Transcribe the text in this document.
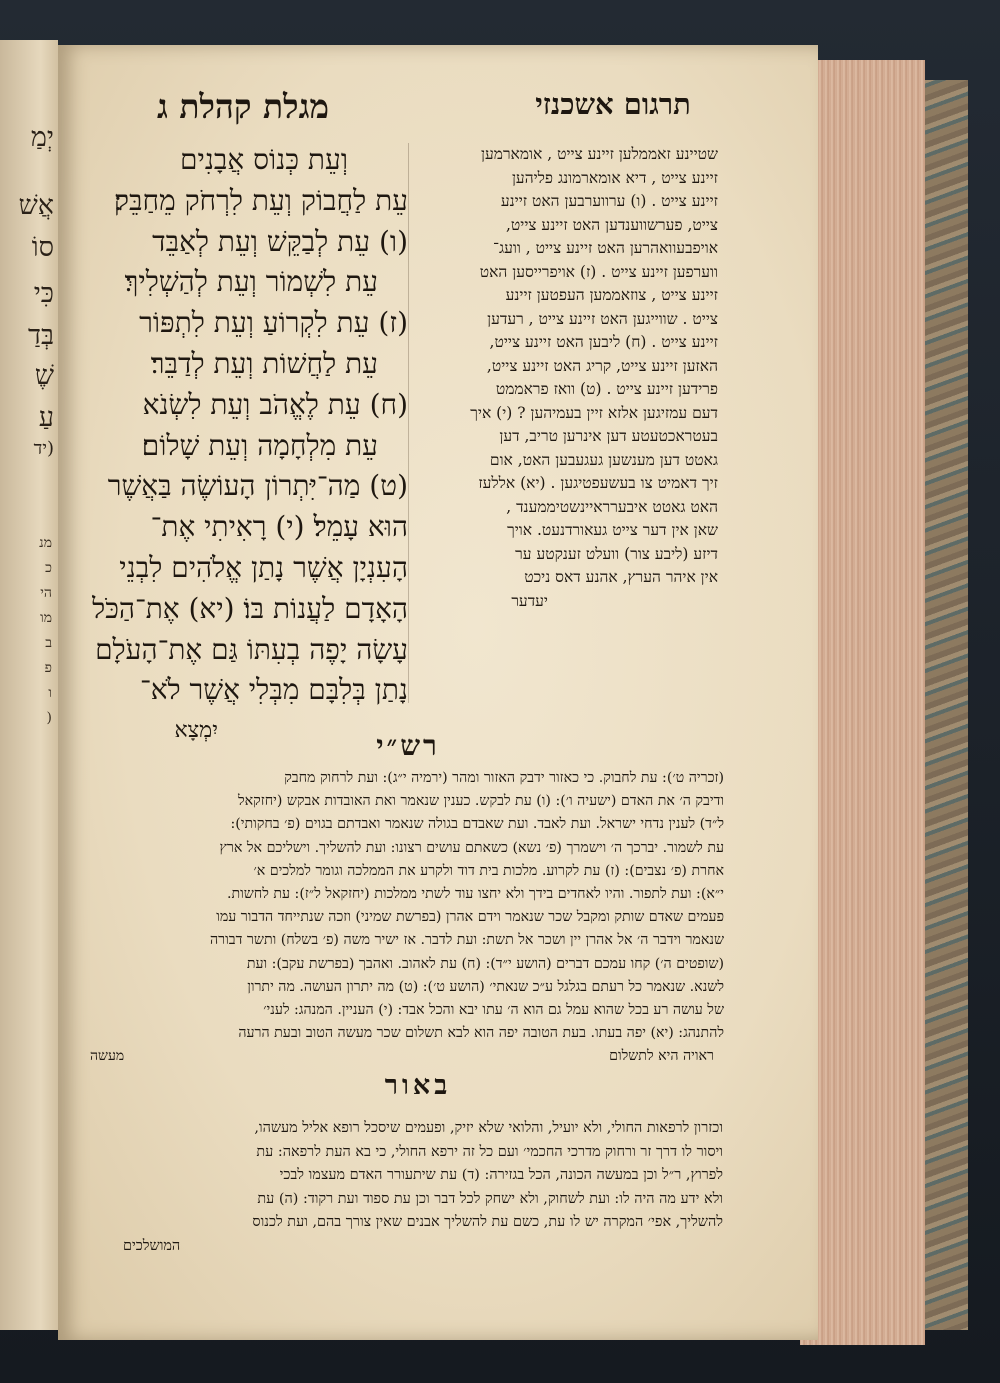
יְמַ
אֲשׁ
סוֹ
כִּי
בְּדַ
שֶׁ
עַ
(יד
מנ
כ
הי
מו
ב
פ
ו
(
תרגום אשכנזי
מגלת קהלת ג
וְעֵת כְּנוֹס אֲבָנִים
עֵת לַחֲבוֹק וְעֵת לִרְחֹק מֵחַבֵּק׃
(ו) עֵת לְבַקֵּשׁ וְעֵת לְאַבֵּד
עֵת לִשְׁמוֹר וְעֵת לְהַשְׁלִיךְ׃
(ז) עֵת לִקְרוֹעַ וְעֵת לִתְפּוֹר
עֵת לַחֲשׁוֹת וְעֵת לְדַבֵּר׃
(ח) עֵת לֶאֱהֹב וְעֵת לִשְׂנֹא
עֵת מִלְחָמָה וְעֵת שָׁלוֹם׃
(ט) מַה־יִּתְרוֹן הָעוֹשֶׂה בַּאֲשֶׁר
הוּא עָמֵל׃ (י) רָאִיתִי אֶת־
הָעִנְיָן אֲשֶׁר נָתַן אֱלֹהִים לִבְנֵי
הָאָדָם לַעֲנוֹת בּוֹ׃ (יא) אֶת־הַכֹּל
עָשָׂה יָפֶה בְעִתּוֹ גַּם אֶת־הָעֹלָם
נָתַן בְּלִבָּם מִבְּלִי אֲשֶׁר לֹא־
יִמְצָא
שטיינע זאממלען זיינע צייט , אומארמען
זיינע צייט , דיא אומארמונג פליהען
זיינע צייט . (ו) ערווערבען האט זיינע
צייט, פערשווענדען האט זיינע צייט,
אויפבעוואהרען האט זיינע צייט , וועג־
ווערפען זיינע צייט . (ז) אויפרייסען האט
זיינע צייט , צוזאממען העפטען זיינע
צייט . שווייגען האט זיינע צייט , רעדען
זיינע צייט . (ח) ליבען האט זיינע צייט,
האזען זיינע צייט, קריג האט זיינע צייט,
פרידען זיינע צייט . (ט) וואז פראממט
דעם עמזיגען אלזא זיין בעמיהען ? (י) איך
בעטראכטעטע דען אינרען טריב, דען
גאטט דען מענשען געגעבען האט, אום
זיך דאמיט צו בעשעפטיגען . (יא) אללעז
האט גאטט איבערראיינשטיממענד ,
שאן אין דער צייט געאורדנעט. אויך
דיזע (ליבע צור) וועלט זענקטע ער
אין איהר הערץ, אהנע דאס ניכט
יעדער
רש״י
(זכריה ט׳): עת לחבוק. כי כאזור ידבק האזור ומהר (ירמיה י״ג): ועת לרחוק מחבק
ודיבק ה׳ את האדם (ישעיה ו׳): (ו) עת לבקש. כענין שנאמר ואת האובדות אבקש (יחזקאל
ל״ד) לענין נדחי ישראל. ועת לאבד. ועת שאבדם בגולה שנאמר ואבדתם בגוים (פ׳ בחקותי):
עת לשמור. יברכך ה׳ וישמרך (פ׳ נשא) כשאתם עושים רצונו: ועת להשליך. וישליכם אל ארץ
אחרת (פ׳ נצבים): (ז) עת לקרוע. מלכות בית דוד ולקרע את הממלכה וגומר למלכים א׳
י״א): ועת לתפור. והיו לאחדים בידך ולא יחצו עוד לשתי ממלכות (יחזקאל ל״ז): עת לחשות.
פעמים שאדם שותק ומקבל שכר שנאמר וידם אהרן (בפרשת שמיני) וזכה שנתייחד הדבור עמו
שנאמר וידבר ה׳ אל אהרן יין ושכר אל תשת: ועת לדבר. אז ישיר משה (פ׳ בשלח) ותשר דבורה
(שופטים ה׳) קחו עמכם דברים (הושע י״ד): (ח) עת לאהוב. ואהבך (בפרשת עקב): ועת
לשנא. שנאמר כל רעתם בגלגל ע״כ שנאתי׳ (הושע ט׳): (ט) מה יתרון העושה. מה יתרון
של עושה רע בכל שהוא עמל גם הוא ה׳ עתו יבא והכל אבד: (י) העניין. המנהג: לעני׳
להתנהג: (יא) יפה בעתו. בעת הטובה יפה הוא לבא תשלום שכר מעשה הטוב ובעת הרעה
ראויה היא לתשלום
מעשה
באור
וכזרון לרפאות החולי, ולא יועיל, והלואי שלא יזיק, ופעמים שיסכל רופא אליל מעשהו,
ויסור לו דרך זר ורחוק מדרכי החכמי׳ ועם כל זה ירפא החולי, כי בא העת לרפאה: עת
לפרוץ, ר״ל וכן במעשה הכונה, הכל בגזירה: (ד) עת שיתעורר האדם מעצמו לבכי
ולא ידע מה היה לו: ועת לשחוק, ולא ישחק לכל דבר וכן עת ספוד ועת רקוד: (ה) עת
להשליך, אפי׳ המקרה יש לו עת, כשם עת להשליך אבנים שאין צורך בהם, ועת לכנוס
המושלכים
